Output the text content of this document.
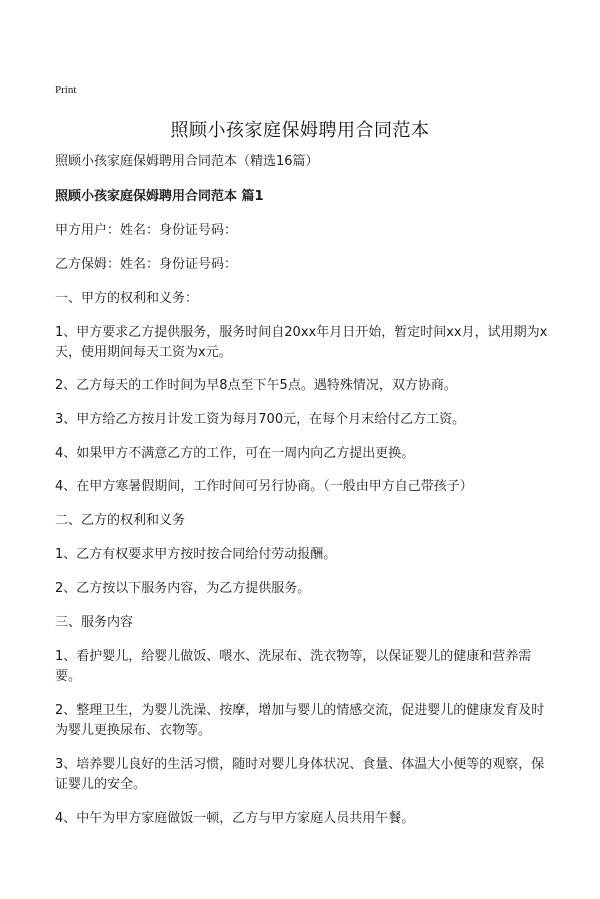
Print
照顾小孩家庭保姆聘用合同范本

照顾小孩家庭保姆聘用合同范本（精选16篇）

照顾小孩家庭保姆聘用合同范本 篇1

甲方用户：姓名：身份证号码：

乙方保姆：姓名：身份证号码：

一、甲方的权利和义务：

1、甲方要求乙方提供服务，服务时间自20xx年月日开始，暂定时间xx月，试用期为x天，使用期间每天工资为x元。

2、乙方每天的工作时间为早8点至下午5点。遇特殊情况，双方协商。

3、甲方给乙方按月计发工资为每月700元，在每个月末给付乙方工资。

4、如果甲方不满意乙方的工作，可在一周内向乙方提出更换。

4、在甲方寒暑假期间，工作时间可另行协商。（一般由甲方自己带孩子）

二、乙方的权利和义务

1、乙方有权要求甲方按时按合同给付劳动报酬。

2、乙方按以下服务内容，为乙方提供服务。

三、服务内容

1、看护婴儿，给婴儿做饭、喂水、洗尿布、洗衣物等，以保证婴儿的健康和营养需要。

2、整理卫生，为婴儿洗澡、按摩，增加与婴儿的情感交流，促进婴儿的健康发育及时为婴儿更换尿布、衣物等。

3、培养婴儿良好的生活习惯，随时对婴儿身体状况、食量、体温大小便等的观察，保证婴儿的安全。

4、中午为甲方家庭做饭一顿，乙方与甲方家庭人员共用午餐。
